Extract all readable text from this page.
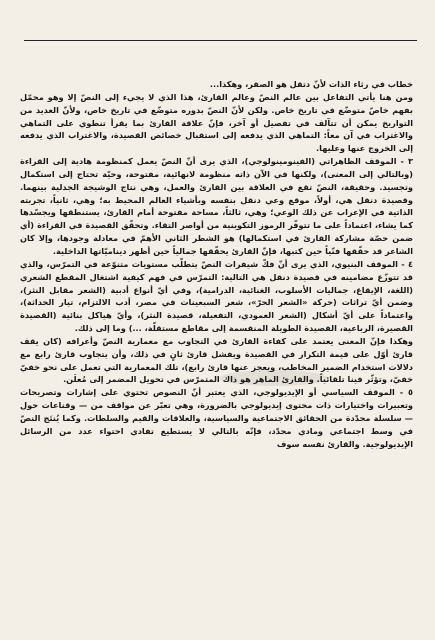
خطاب في رثاء الذات لأنّ دتقل هو الصقر، وهكذا...

ومن هنا يأتي التفاعل بين عالم النصّ وعالم القارئ، هذا الذي لا يجيء إلى النصّ إلا وهو محمّل بفهم خاصّ متوضّع في تاريخ خاص. ولكن لأنّ النصّ بدوره متوضّع في تاريخ خاص، ولأنّ العديد من التواريخ يمكن أن تتآلف في تفصيل أو آخر، فإنّ علاقة القارئ بما يقرأ تنطوي على التماهي والاغتراب في آن معاً: التماهي الذي يدفعه إلى استقبال خصائص القصيدة، والاغتراب الذي يدفعه إلى الخروج عنها وعليها.

٣ - الموقف الظاهراتي (الفينومينولوجي)، الذي يرى أنّ النصّ يعمل كمنظومة هادية إلى القراءة (وبالتالي إلى المعنى)، ولكنها في الآن ذاته منظومة لانهائية، مفتوحة، وحيّة تحتاج إلى استكمال وتجسيد. وحقيقة، النصّ تقع في العلاقة بين القارئ والعمل، وهي نتاج الوشيجة الجدلية بينهما. وقصيدة دنقل هي، أولاً، موقع وعي دنقل بنفسه وبأشياء العالم المحيط به؛ وهي، ثانياً، تجربته الذاتية في الإعراب عن ذلك الوعي؛ وهي، ثالثاً، مساحة مفتوحة أمام القارئ، يستنطقها ويجسّدها كما يشاء، اعتماداً على ما تتوفّر الرموز التكوينية من أواصر التقاء. وتحقّق القصيدة في القراءة (أي ضمن حصّة مشاركة القارئ في استكمالها) هو الشطر الثاني الأهمّ في معادلة وجودها، وإلا كان الشاعر قد حقّقها فنّياً حين كتبها، فإنّ القارئ يحقّقها جمالياً حين أظهر ديناميّاتها الداخلية.

٤ - الموقف البنيوي، الذي يرى أنّ فكّ شيفرات النصّ يتطلّب مستويات متنوّعة في التمرّس، والذي قد تتوزّع مضامينه في قصيدة دنقل هي التالية: التمرّس في فهم كيفية اشتغال المقطع الشعري (اللغة، الإيقاع، جماليات الأسلوب، الغنائية، الدرامية)، وفي أيّ أنواع أدبية (الشعر مقابل النثر)، وضمن أيّ تراثات (حركة «الشعر الحرّ»، شعر السبعينات في مصر، أدب الالتزام، تيار الحداثة)، واعتماداً على أيّ أشكال (الشعر العمودي، التفعيلة، قصيدة النثر)، وأيّ هياكل بنائية (القصيدة القصيرة، الرباعية، القصيدة الطويلة المنقسمة إلى مقاطع مستقلّة، ...) وما إلى ذلك.

وهكذا فإنّ المعنى يعتمد على كفاءة القارئ في التجاوب مع معمارية النصّ وأعرافه (كان يقف قارئ أوّل على قيمة التكرار في القصيدة ويفشل قارئ ثانٍ في ذلك، وأن يتجاوب قارئ رابع مع دلالات استخدام الضمير المخاطب، ويعجز عنها قارئ رابع)، تلك المعمارية التي تعمل على نحو خفيّ خفيّ، وتؤثّر فينا تلقائياً. والقارئ الماهر هو ذاك المتمرّس في تحويل المضمر إلى مُعلَن.

٥ - الموقف السياسي أو الإيديولوجي، الذي يعتبر أنّ النصوص تحتوي على إشارات وتصريحات وتعبيرات واختيارات ذات محتوى إيديولوجي بالضرورة، وهي تعبّر عن مواقف من — وقناعات حول — سلسلة محدّدة من الحقائق الاجتماعية والسياسية، والعلاقات والقيم والسلطات. وكما يُنتَج النصّ في وسط اجتماعي ومادي محدّد، فإنّه بالتالي لا يستطيع تفادي احتواء عدد من الرسائل الإيديولوجية. والقارئ نفسه سوف
